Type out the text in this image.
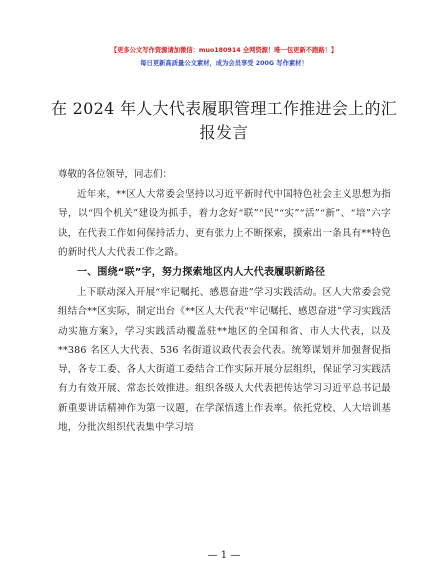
【更多公文写作资源请加微信：muo180914 全网资源！唯一包更新不跑路！】
每日更新高质量公文素材，成为会员享受 200G 写作素材！
在 2024 年人大代表履职管理工作推进会上的汇报发言
尊敬的各位领导，同志们：

近年来，**区人大常委会坚持以习近平新时代中国特色社会主义思想为指导，以“四个机关”建设为抓手，着力念好“联”“民”“实”“活”“新”、“培”六字诀，在代表工作如何保持活力、更有张力上不断探索，摸索出一条具有**特色的新时代人大代表工作之路。

一、围绕“联”字，努力探索地区内人大代表履职新路径

上下联动深入开展“牢记嘱托、感恩奋进”学习实践活动。区人大常委会党组结合**区实际，制定出台《**区人大代表“牢记嘱托、感恩奋进”学习实践活动实施方案》，学习实践活动覆盖驻**地区的全国和省、市人大代表，以及**386 名区人大代表、536 名街道议政代表会代表。统筹谋划并加强督促指导，各专工委、各人大街道工委结合工作实际开展分层组织，保证学习实践活有力有效开展、常态长效推进。组织各级人大代表把传达学习习近平总书记最新重要讲话精神作为第一议题，在学深悟透上作表率。依托党校、人大培训基地，分批次组织代表集中学习培

— 1 —
